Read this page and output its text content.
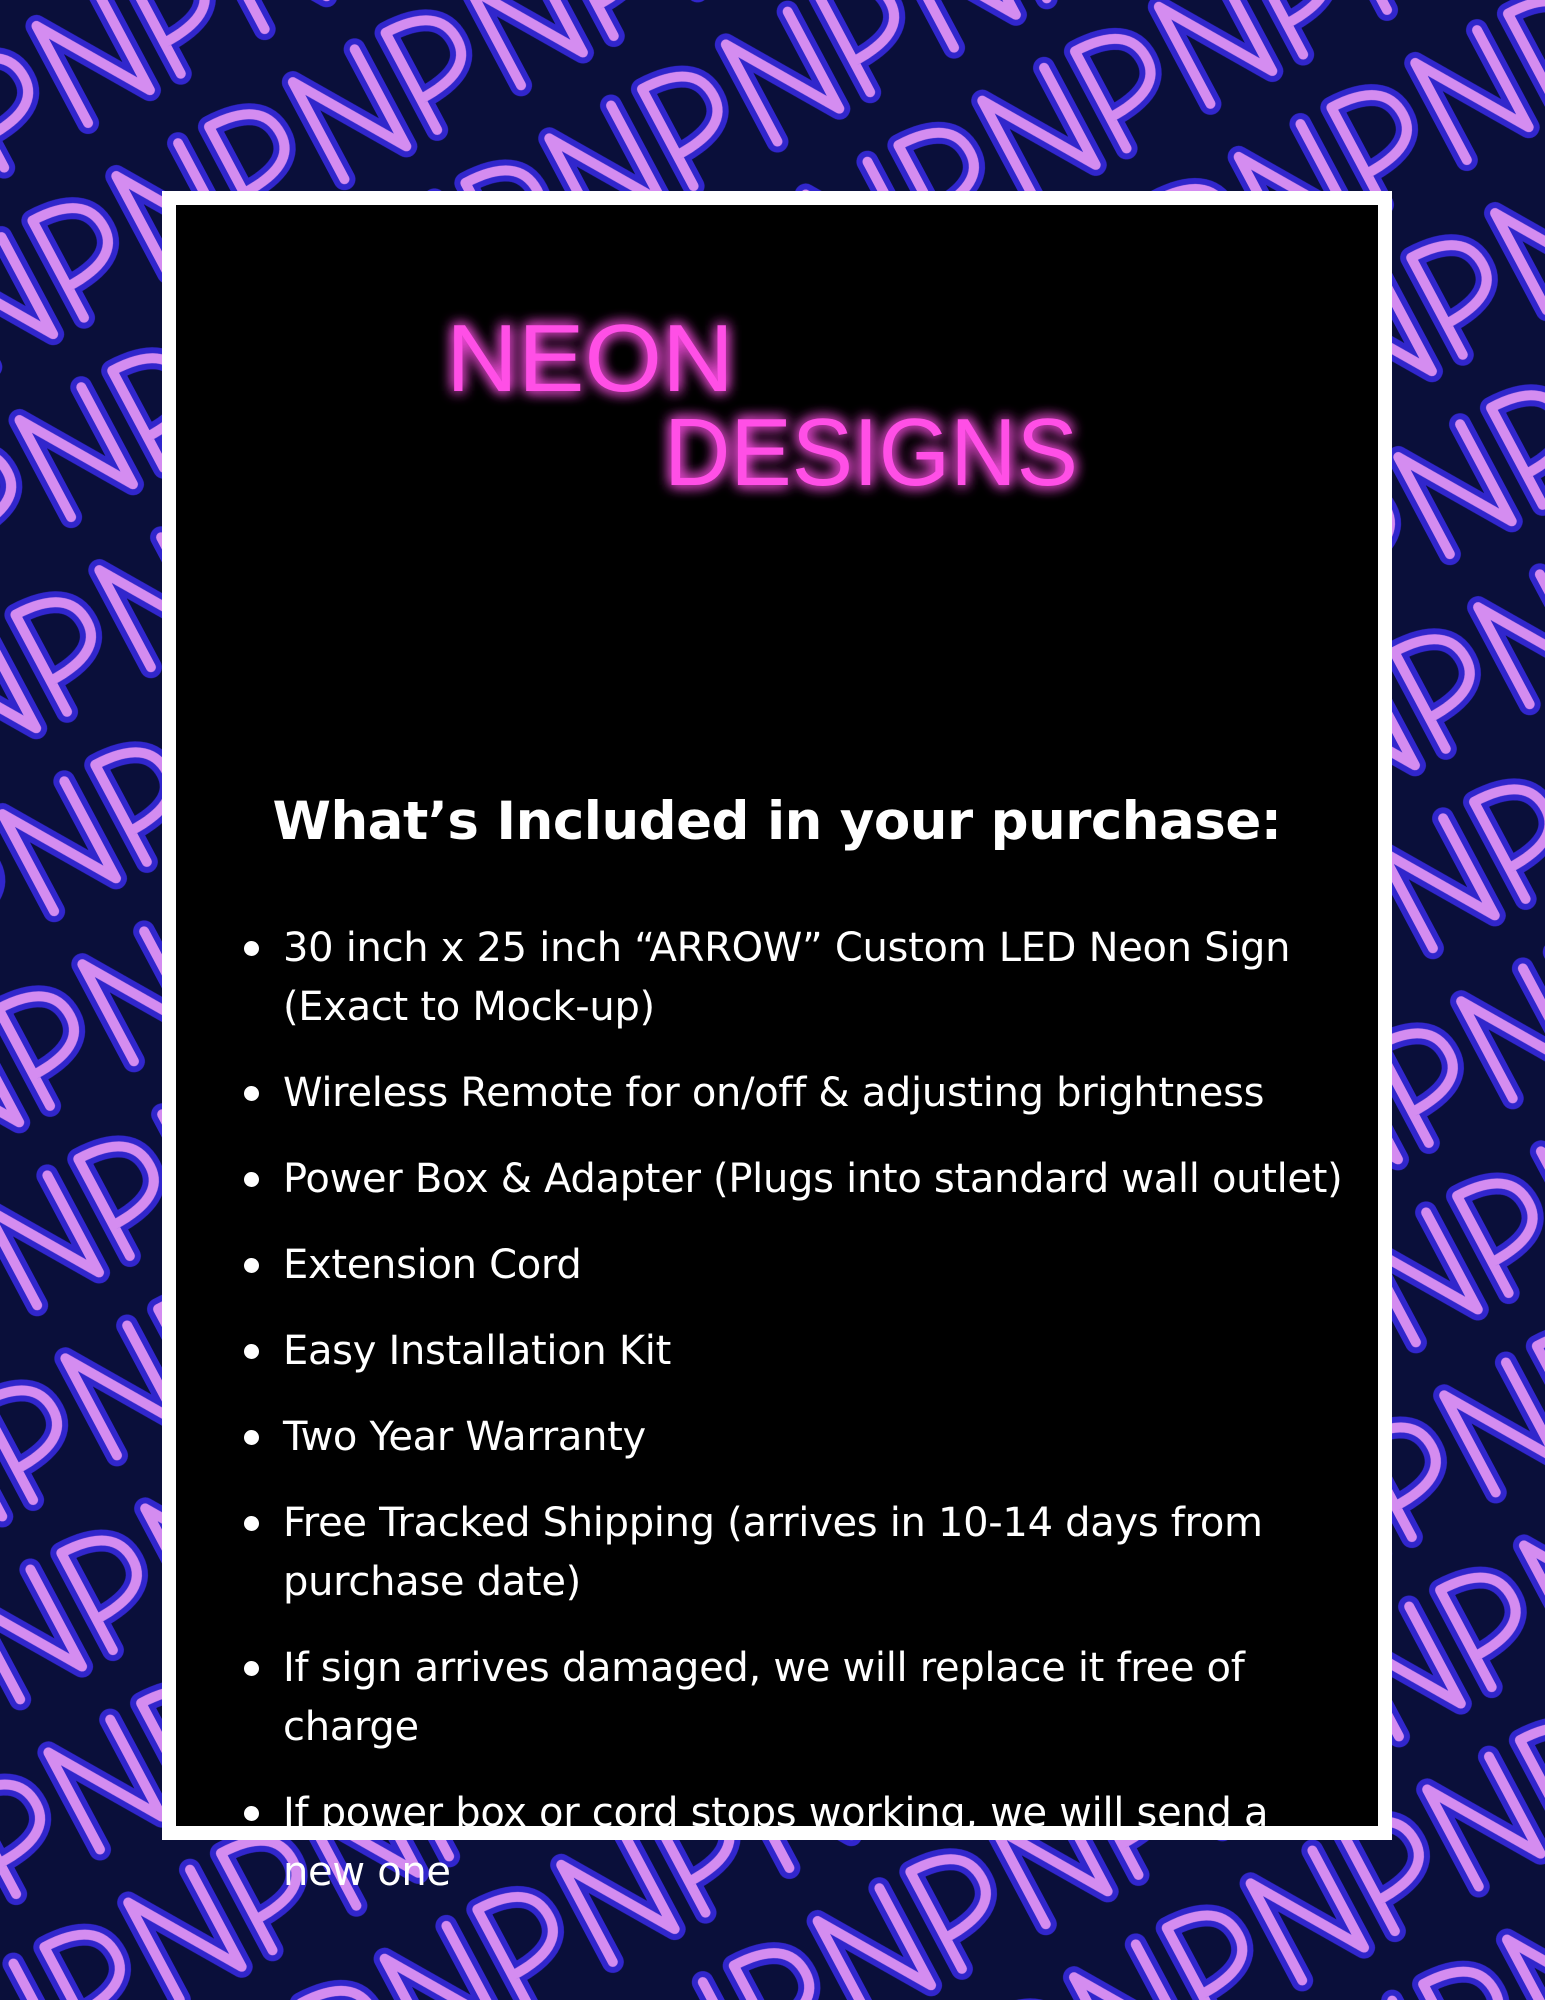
NEON
DESIGNS
What’s Included in your purchase:
30 inch x 25 inch “ARROW” Custom LED Neon Sign (Exact to Mock-up)
Wireless Remote for on/off & adjusting brightness
Power Box & Adapter (Plugs into standard wall outlet)
Extension Cord
Easy Installation Kit
Two Year Warranty
Free Tracked Shipping (arrives in 10-14 days from purchase date)
If sign arrives damaged, we will replace it free of charge
If power box or cord stops working, we will send a new one
